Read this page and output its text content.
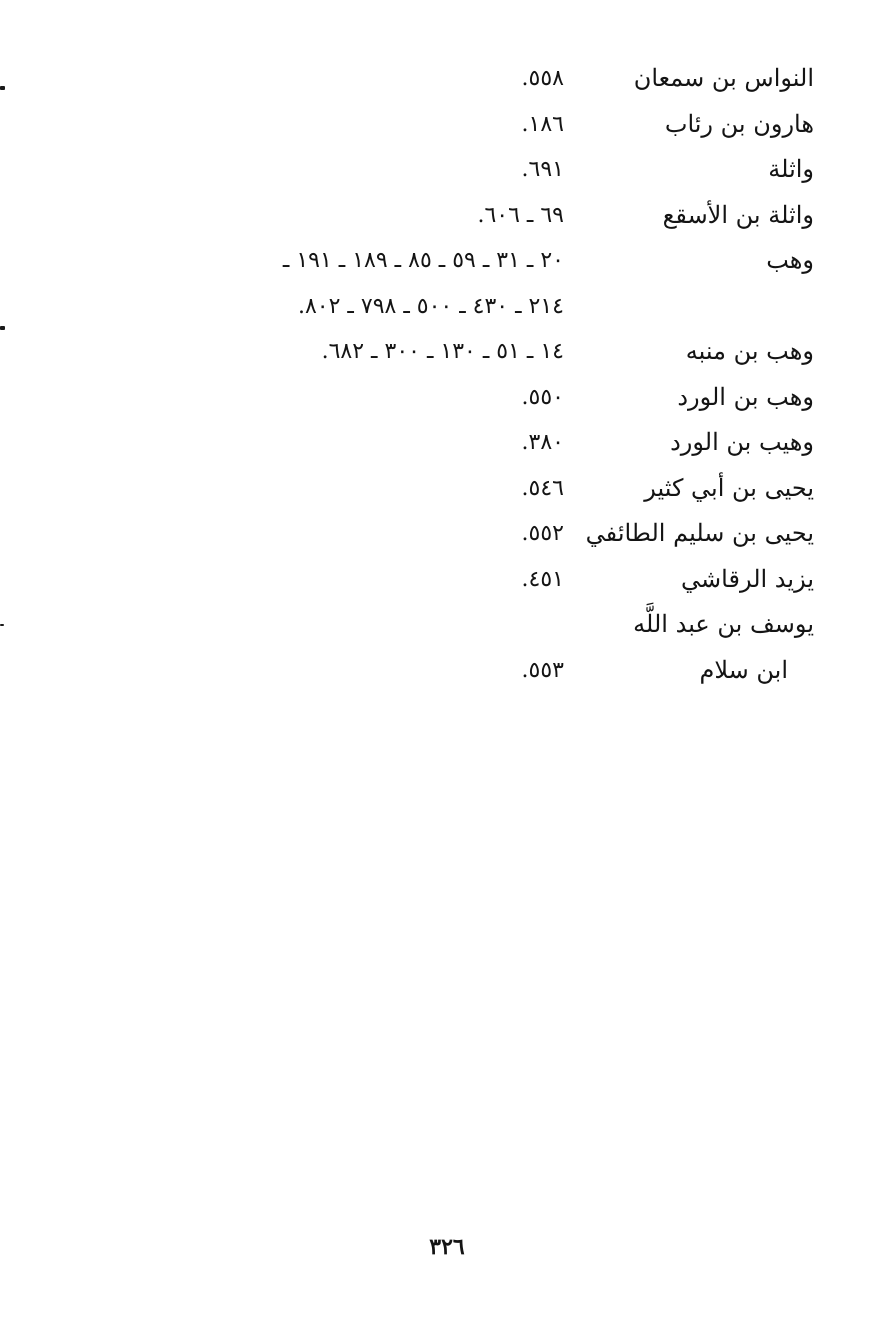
النواس بن سمعان
٥٥٨.
هارون بن رئاب
١٨٦.
واثلة
٦٩١.
واثلة بن الأسقع
٦٩ ـ ٦٠٦.
وهب
٢٠ ـ ٣١ ـ ٥٩ ـ ٨٥ ـ ١٨٩ ـ ١٩١ ـ
٢١٤ ـ ٤٣٠ ـ ٥٠٠ ـ ٧٩٨ ـ ٨٠٢.
وهب بن منبه
١٤ ـ ٥١ ـ ١٣٠ ـ ٣٠٠ ـ ٦٨٢.
وهب بن الورد
٥٥٠.
وهيب بن الورد
٣٨٠.
يحيى بن أبي كثير
٥٤٦.
يحيى بن سليم الطائفي
٥٥٢.
يزيد الرقاشي
٤٥١.
يوسف بن عبد اللَّه
ابن سلام
٥٥٣.
٣٢٦
